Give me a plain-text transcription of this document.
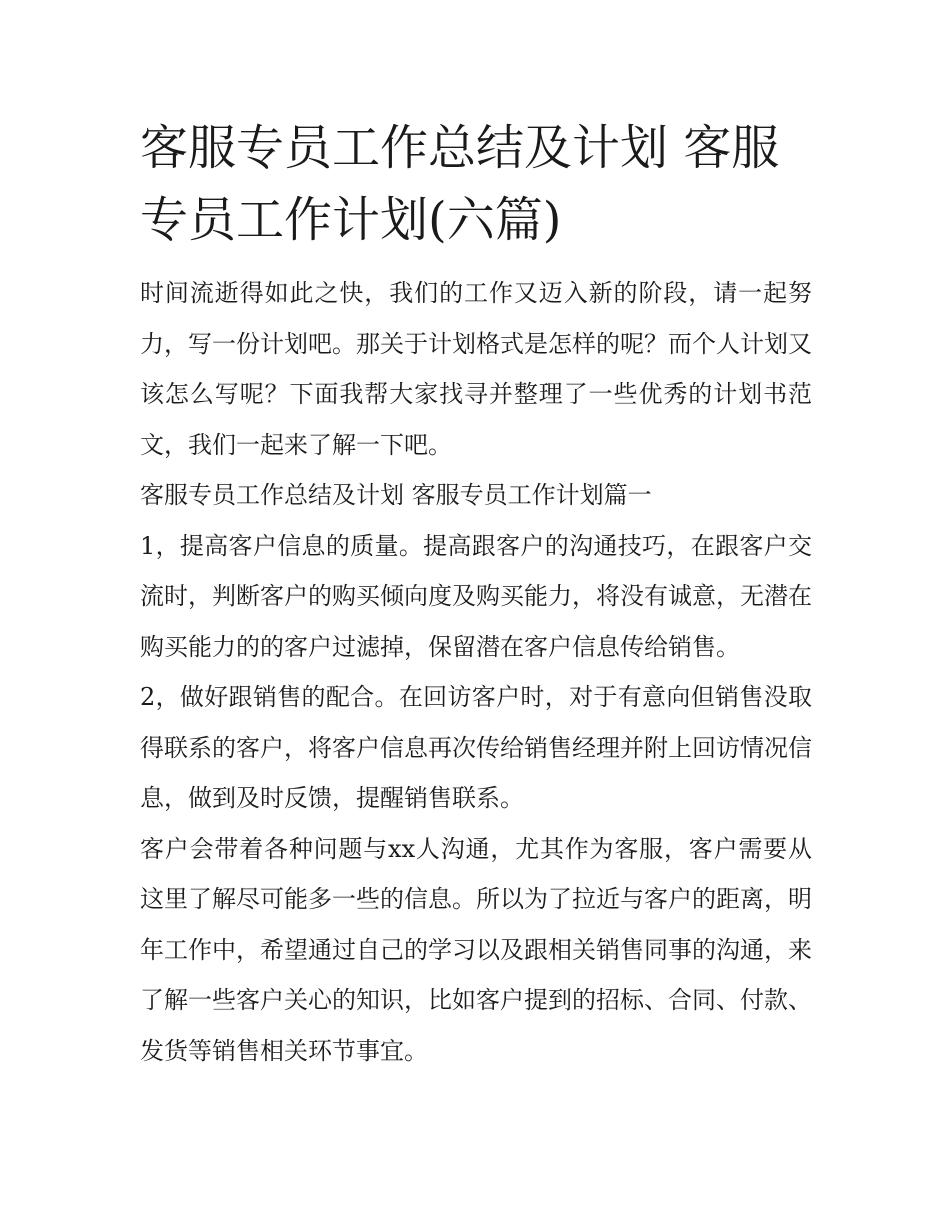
客服专员工作总结及计划 客服专员工作计划(六篇)

时间流逝得如此之快，我们的工作又迈入新的阶段，请一起努力，写一份计划吧。那关于计划格式是怎样的呢？而个人计划又该怎么写呢？下面我帮大家找寻并整理了一些优秀的计划书范文，我们一起来了解一下吧。

客服专员工作总结及计划 客服专员工作计划篇一

1，提高客户信息的质量。提高跟客户的沟通技巧，在跟客户交流时，判断客户的购买倾向度及购买能力，将没有诚意，无潜在购买能力的的客户过滤掉，保留潜在客户信息传给销售。

2，做好跟销售的配合。在回访客户时，对于有意向但销售没取得联系的客户，将客户信息再次传给销售经理并附上回访情况信息，做到及时反馈，提醒销售联系。

客户会带着各种问题与xx人沟通，尤其作为客服，客户需要从这里了解尽可能多一些的信息。所以为了拉近与客户的距离，明年工作中，希望通过自己的学习以及跟相关销售同事的沟通，来了解一些客户关心的知识，比如客户提到的招标、合同、付款、发货等销售相关环节事宜。
